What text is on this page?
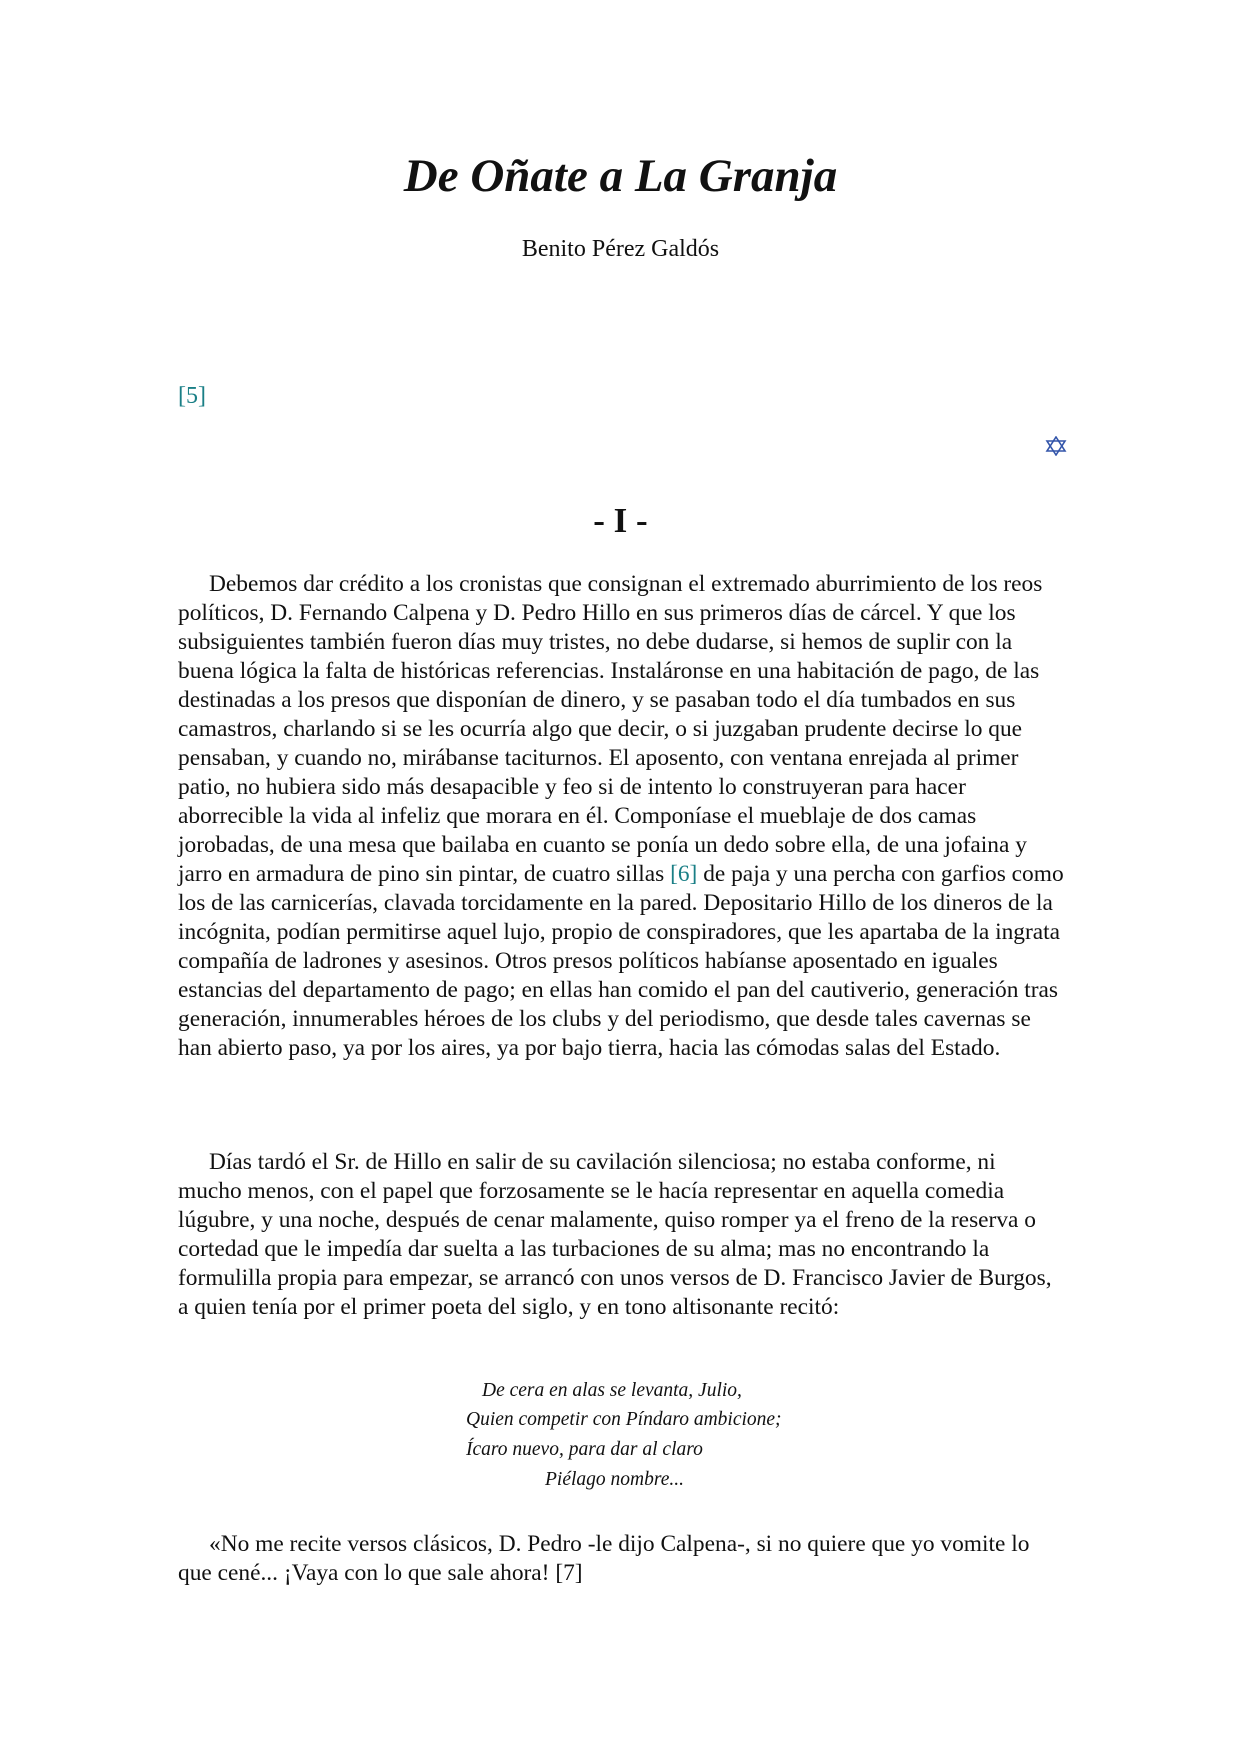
De Oñate a La Granja

Benito Pérez Galdós

[5]
- I -

Debemos dar crédito a los cronistas que consignan el extremado aburrimiento de los reos políticos, D. Fernando Calpena y D. Pedro Hillo en sus primeros días de cárcel. Y que los subsiguientes también fueron días muy tristes, no debe dudarse, si hemos de suplir con la buena lógica la falta de históricas referencias. Instaláronse en una habitación de pago, de las destinadas a los presos que disponían de dinero, y se pasaban todo el día tumbados en sus camastros, charlando si se les ocurría algo que decir, o si juzgaban prudente decirse lo que pensaban, y cuando no, mirábanse taciturnos. El aposento, con ventana enrejada al primer patio, no hubiera sido más desapacible y feo si de intento lo construyeran para hacer aborrecible la vida al infeliz que morara en él. Componíase el mueblaje de dos camas jorobadas, de una mesa que bailaba en cuanto se ponía un dedo sobre ella, de una jofaina y jarro en armadura de pino sin pintar, de cuatro sillas [6] de paja y una percha con garfios como los de las carnicerías, clavada torcidamente en la pared. Depositario Hillo de los dineros de la incógnita, podían permitirse aquel lujo, propio de conspiradores, que les apartaba de la ingrata compañía de ladrones y asesinos. Otros presos políticos habíanse aposentado en iguales estancias del departamento de pago; en ellas han comido el pan del cautiverio, generación tras generación, innumerables héroes de los clubs y del periodismo, que desde tales cavernas se han abierto paso, ya por los aires, ya por bajo tierra, hacia las cómodas salas del Estado.

Días tardó el Sr. de Hillo en salir de su cavilación silenciosa; no estaba conforme, ni mucho menos, con el papel que forzosamente se le hacía representar en aquella comedia lúgubre, y una noche, después de cenar malamente, quiso romper ya el freno de la reserva o cortedad que le impedía dar suelta a las turbaciones de su alma; mas no encontrando la formulilla propia para empezar, se arrancó con unos versos de D. Francisco Javier de Burgos, a quien tenía por el primer poeta del siglo, y en tono altisonante recitó:

De cera en alas se levanta, Julio,

Quien competir con Píndaro ambicione;

Ícaro nuevo, para dar al claro

Piélago nombre...

«No me recite versos clásicos, D. Pedro -le dijo Calpena-, si no quiere que yo vomite lo que cené... ¡Vaya con lo que sale ahora! [7]
